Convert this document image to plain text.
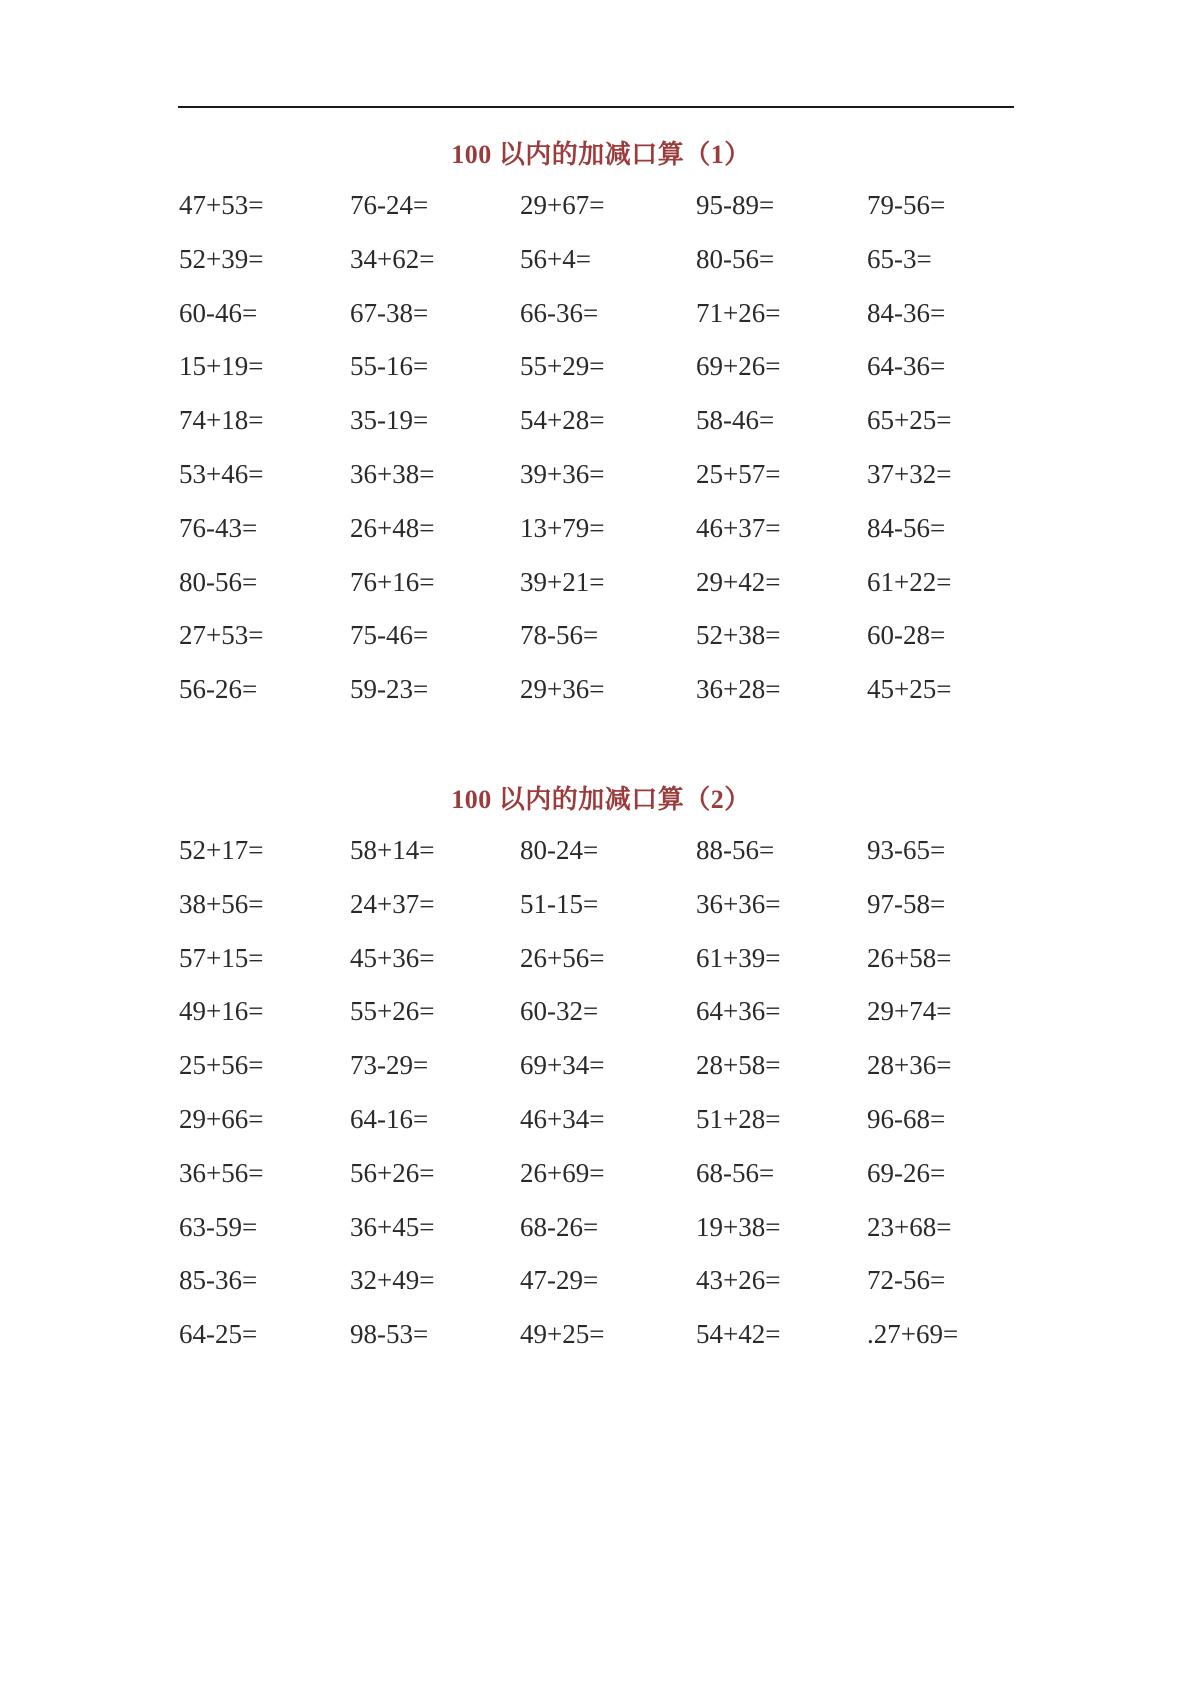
100 以内的加减口算（1）
47+53=	76-24=	29+67=	95-89=	79-56=
52+39=	34+62=	56+4=	80-56=	65-3=
60-46=	67-38=	66-36=	71+26=	84-36=
15+19=	55-16=	55+29=	69+26=	64-36=
74+18=	35-19=	54+28=	58-46=	65+25=
53+46=	36+38=	39+36=	25+57=	37+32=
76-43=	26+48=	13+79=	46+37=	84-56=
80-56=	76+16=	39+21=	29+42=	61+22=
27+53=	75-46=	78-56=	52+38=	60-28=
56-26=	59-23=	29+36=	36+28=	45+25=
100 以内的加减口算（2）
52+17=	58+14=	80-24=	88-56=	93-65=
38+56=	24+37=	51-15=	36+36=	97-58=
57+15=	45+36=	26+56=	61+39=	26+58=
49+16=	55+26=	60-32=	64+36=	29+74=
25+56=	73-29=	69+34=	28+58=	28+36=
29+66=	64-16=	46+34=	51+28=	96-68=
36+56=	56+26=	26+69=	68-56=	69-26=
63-59=	36+45=	68-26=	19+38=	23+68=
85-36=	32+49=	47-29=	43+26=	72-56=
64-25=	98-53=	49+25=	54+42=	.27+69=
